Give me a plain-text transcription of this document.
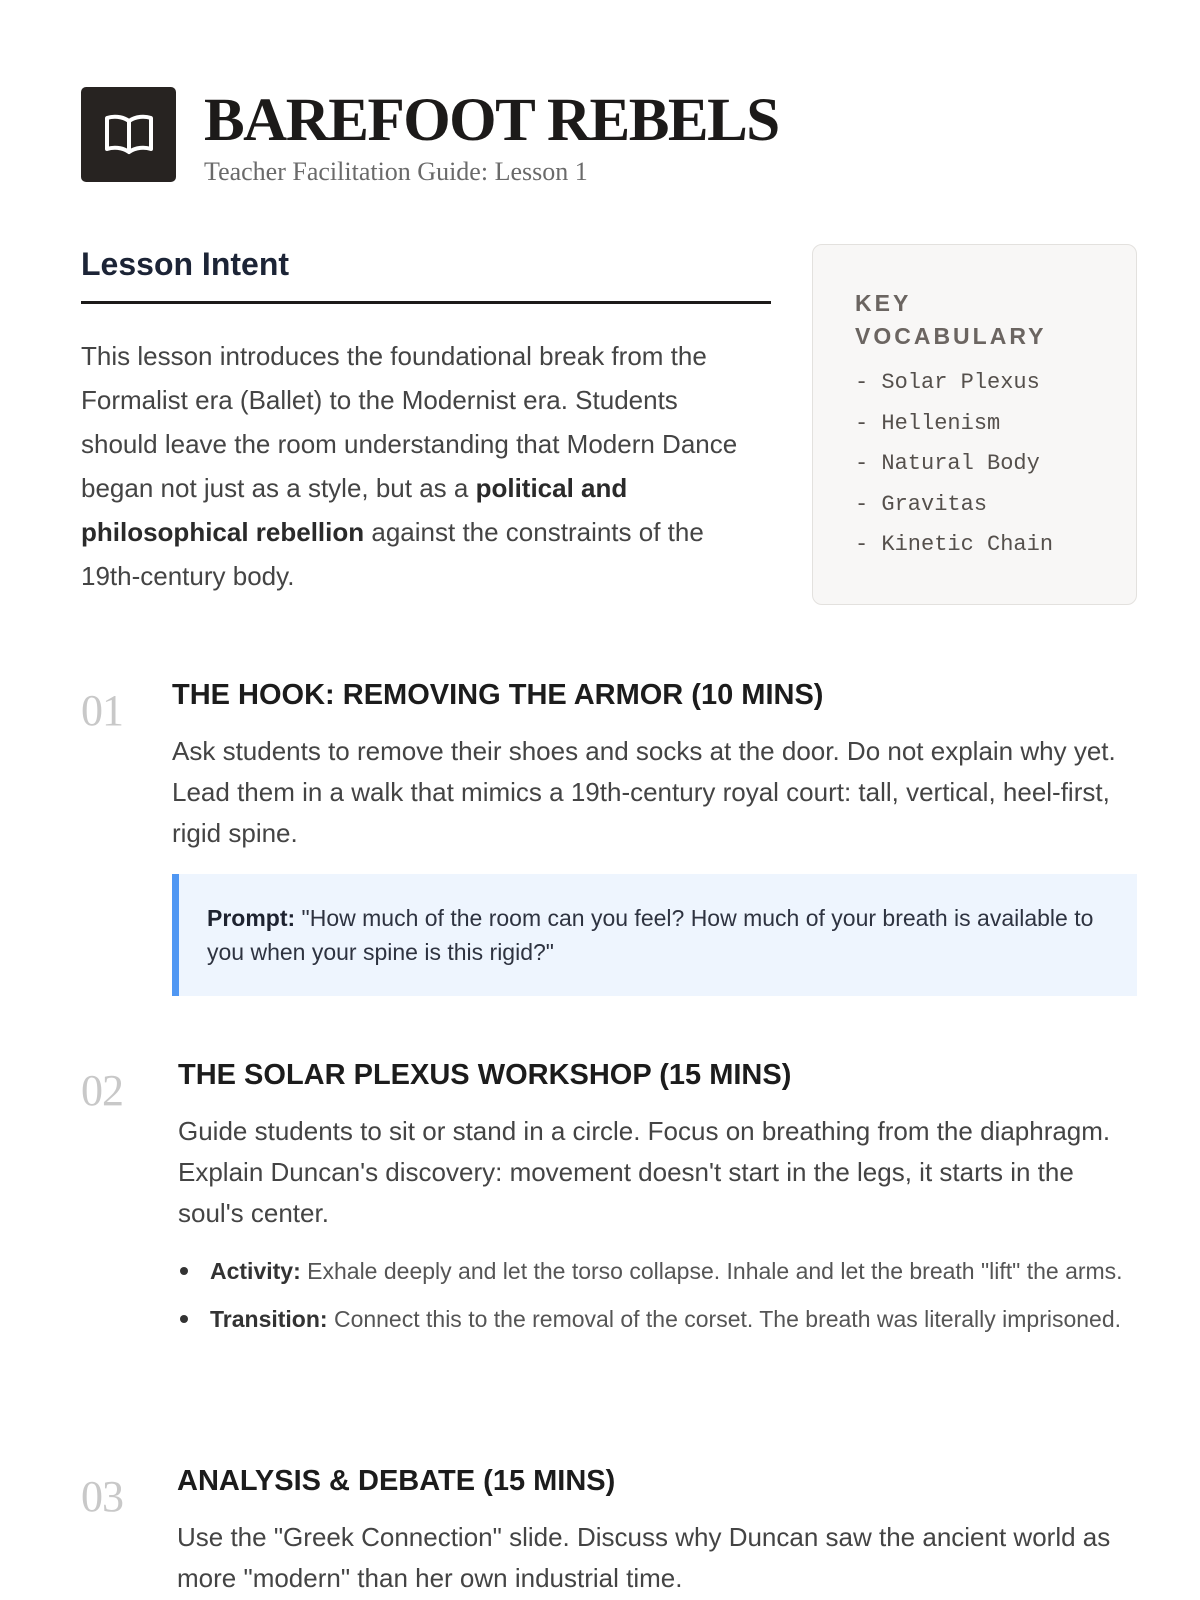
BAREFOOT REBELS
Teacher Facilitation Guide: Lesson 1
Lesson Intent

This lesson introduces the foundational break from the Formalist era (Ballet) to the Modernist era. Students should leave the room understanding that Modern Dance began not just as a style, but as a political and philosophical rebellion against the constraints of the 19th-century body.

KEY VOCABULARY
- Solar Plexus
- Hellenism
- Natural Body
- Gravitas
- Kinetic Chain
01 THE HOOK: REMOVING THE ARMOR (10 MINS)

Ask students to remove their shoes and socks at the door. Do not explain why yet. Lead them in a walk that mimics a 19th-century royal court: tall, vertical, heel-first, rigid spine.

Prompt: "How much of the room can you feel? How much of your breath is available to you when your spine is this rigid?"
02 THE SOLAR PLEXUS WORKSHOP (15 MINS)

Guide students to sit or stand in a circle. Focus on breathing from the diaphragm. Explain Duncan's discovery: movement doesn't start in the legs, it starts in the soul's center.

Activity: Exhale deeply and let the torso collapse. Inhale and let the breath "lift" the arms.
Transition: Connect this to the removal of the corset. The breath was literally imprisoned.
03 ANALYSIS & DEBATE (15 MINS)

Use the "Greek Connection" slide. Discuss why Duncan saw the ancient world as more "modern" than her own industrial time.
